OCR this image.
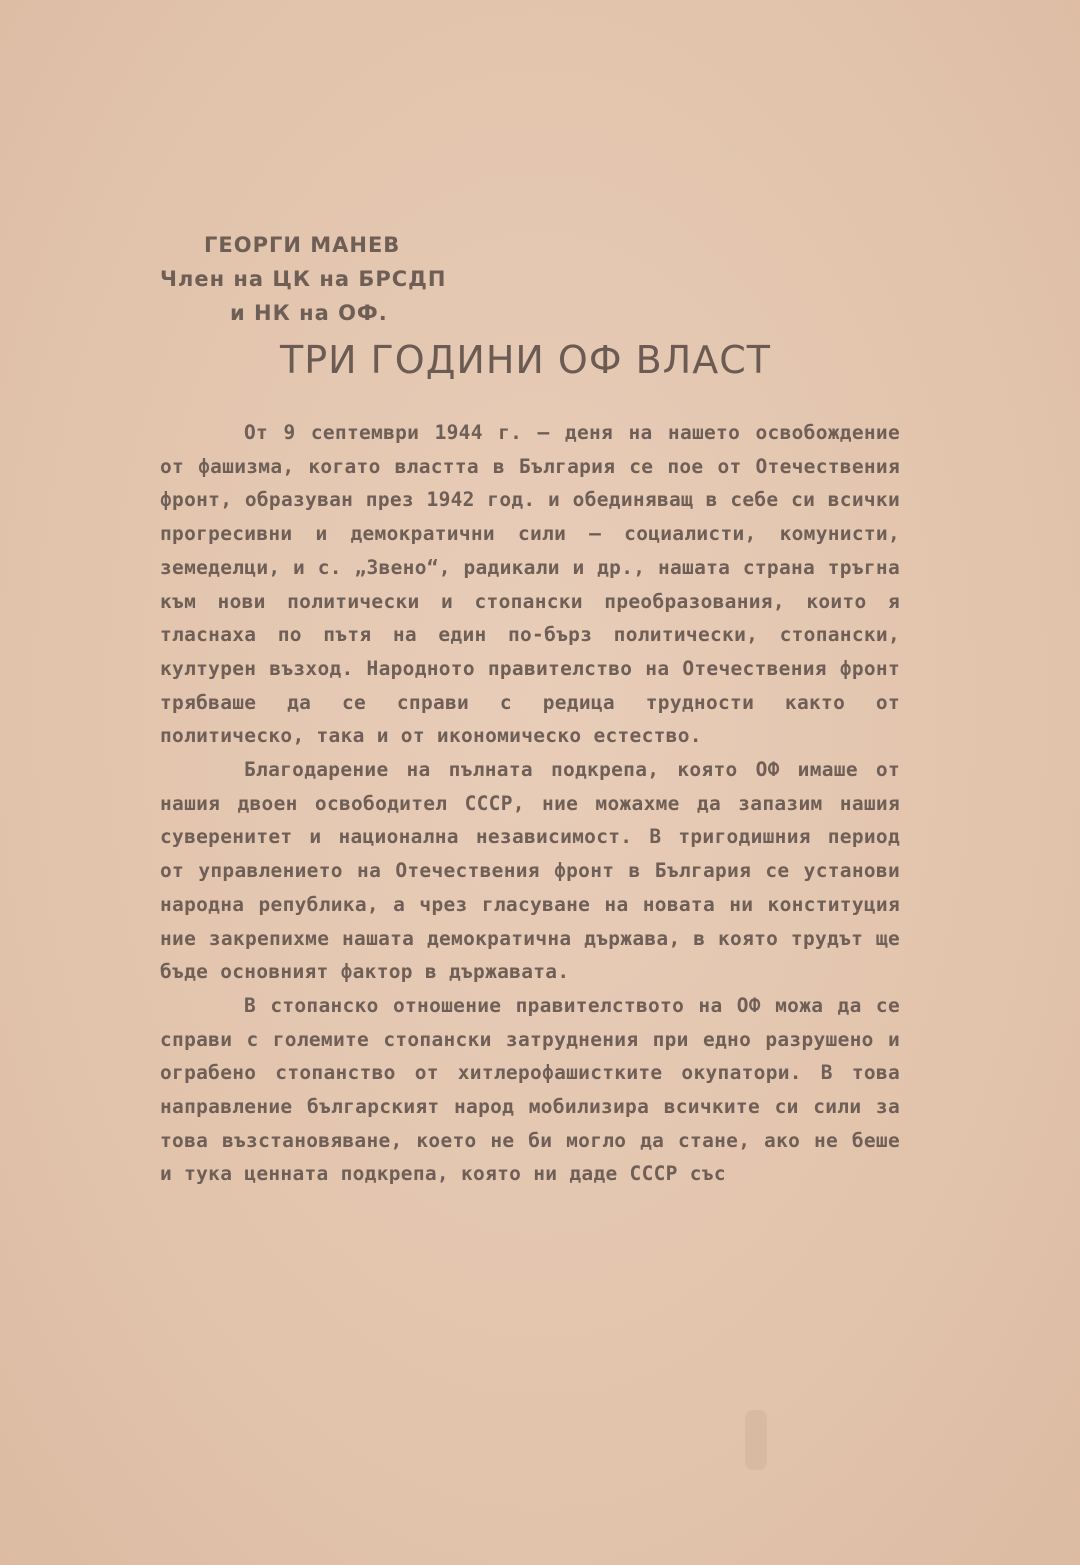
ГЕОРГИ МАНЕВ
Член на ЦК на БРСДП
и НК на ОФ.
ТРИ ГОДИНИ ОФ ВЛАСТ

От 9 септември 1944 г. — деня на нашето освобождение от фашизма, когато властта в България се пое от Отечествения фронт, образуван през 1942 год. и обединяващ в себе си всички прогресивни и демократични сили — социалисти, комунисти, земеделци, и с. „Звено“, радикали и др., нашата страна тръгна към нови политически и стопански преобразования, които я тласнаха по пътя на един по-бърз политически, стопански, културен възход. Народното правителство на Отечествения фронт трябваше да се справи с редица трудности както от политическо, така и от икономическо естество.

Благодарение на пълната подкрепа, която ОФ имаше от нашия двоен освободител СССР, ние можахме да запазим нашия суверенитет и национална независимост. В тригодишния период от управлението на Отечествения фронт в България се установи народна република, а чрез гласуване на новата ни конституция ние закрепихме нашата демократична държава, в която трудът ще бъде основният фактор в държавата.

В стопанско отношение правителството на ОФ можа да се справи с големите стопански затруднения при едно разрушено и ограбено стопанство от хитлерофашистките окупатори. В това направление българският народ мобилизира всичките си сили за това възстановяване, което не би могло да стане, ако не беше и тука ценната подкрепа, която ни даде СССР със
